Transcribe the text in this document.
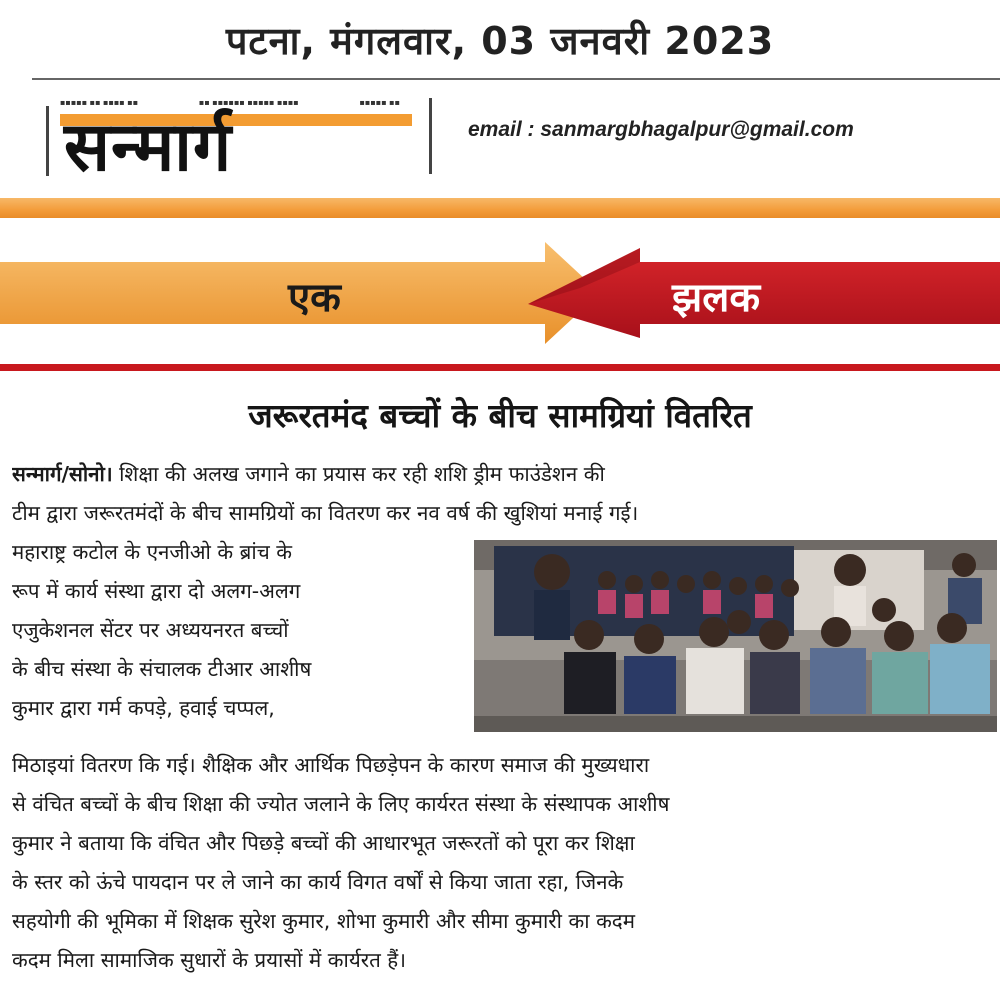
पटना, मंगलवार, 03 जनवरी 2023
▪▪▪▪▪ ▪▪ ▪▪▪▪ ▪▪	▪▪ ▪▪▪▪▪▪ ▪▪▪▪▪ ▪▪▪▪	▪▪▪▪▪ ▪▪
सन्मार्ग	email : sanmargbhagalpur@gmail.com
एक	झलक
जरूरतमंद बच्चों के बीच सामग्रियां वितरित
सन्मार्ग/सोनो। शिक्षा की अलख जगाने का प्रयास कर रही शशि ड्रीम फाउंडेशन की
टीम द्वारा जरूरतमंदों के बीच सामग्रियों का वितरण कर नव वर्ष की खुशियां मनाई गई।
महाराष्ट्र कटोल के एनजीओ के ब्रांच के
रूप में कार्य संस्था द्वारा दो अलग-अलग
एजुकेशनल सेंटर पर अध्ययनरत बच्चों
के बीच संस्था के संचालक टीआर आशीष
कुमार द्वारा गर्म कपड़े, हवाई चप्पल,
मिठाइयां वितरण कि गई। शैक्षिक और आर्थिक पिछड़ेपन के कारण समाज की मुख्यधारा
से वंचित बच्चों के बीच शिक्षा की ज्योत जलाने के लिए कार्यरत संस्था के संस्थापक आशीष
कुमार ने बताया कि वंचित और पिछड़े बच्चों की आधारभूत जरूरतों को पूरा कर शिक्षा
के स्तर को ऊंचे पायदान पर ले जाने का कार्य विगत वर्षों से किया जाता रहा, जिनके
सहयोगी की भूमिका में शिक्षक सुरेश कुमार, शोभा कुमारी और सीमा कुमारी का कदम
कदम मिला सामाजिक सुधारों के प्रयासों में कार्यरत हैं।
